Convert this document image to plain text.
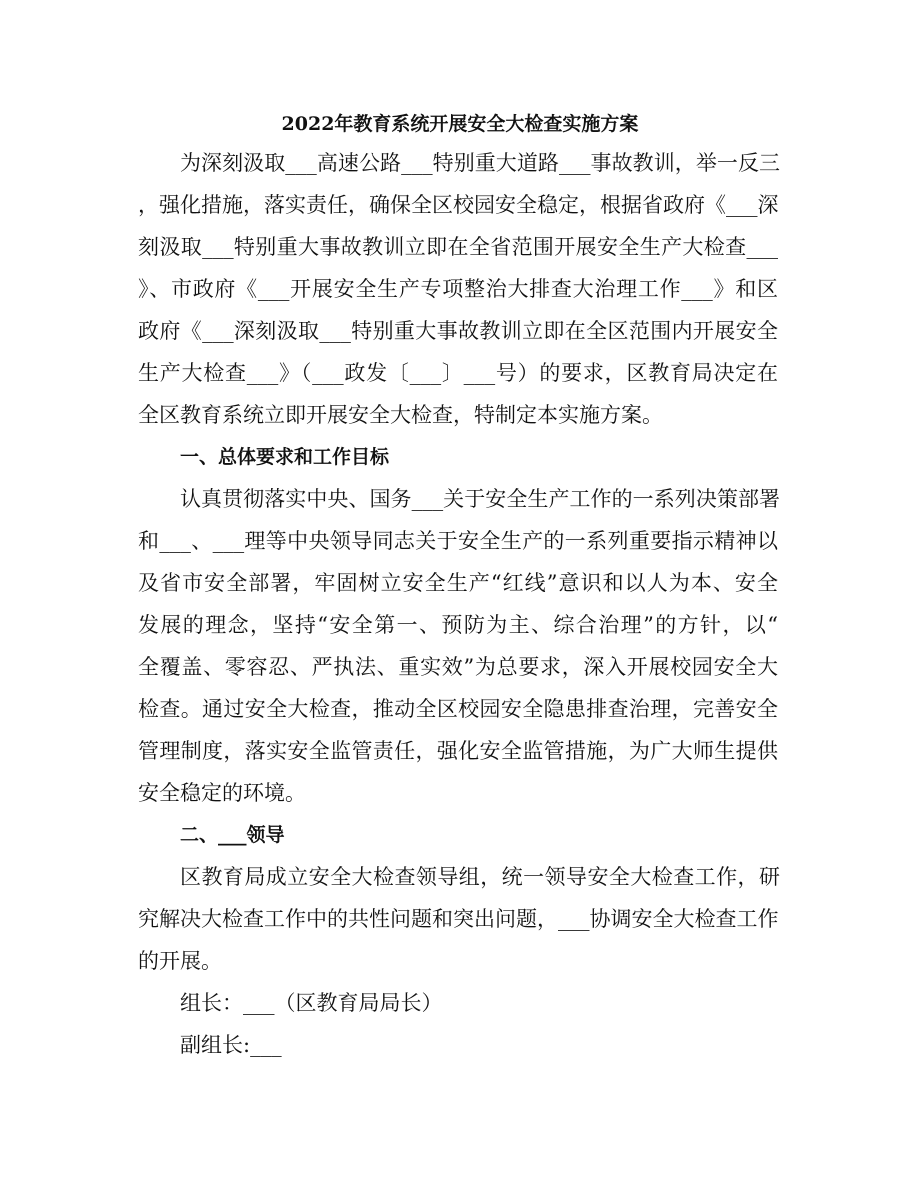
2022年教育系统开展安全大检查实施方案
为深刻汲取___高速公路___特别重大道路___事故教训，举一反三
，强化措施，落实责任，确保全区校园安全稳定，根据省政府《___深
刻汲取___特别重大事故教训立即在全省范围开展安全生产大检查___
》、市政府《___开展安全生产专项整治大排查大治理工作___》和区
政府《___深刻汲取___特别重大事故教训立即在全区范围内开展安全
生产大检查___》（___政发〔___〕___号）的要求，区教育局决定在
全区教育系统立即开展安全大检查，特制定本实施方案。
一、总体要求和工作目标
认真贯彻落实中央、国务___关于安全生产工作的一系列决策部署
和___、___理等中央领导同志关于安全生产的一系列重要指示精神以
及省市安全部署，牢固树立安全生产“红线”意识和以人为本、安全
发展的理念，坚持“安全第一、预防为主、综合治理”的方针，以“
全覆盖、零容忍、严执法、重实效”为总要求，深入开展校园安全大
检查。通过安全大检查，推动全区校园安全隐患排查治理，完善安全
管理制度，落实安全监管责任，强化安全监管措施，为广大师生提供
安全稳定的环境。
二、___领导
区教育局成立安全大检查领导组，统一领导安全大检查工作，研
究解决大检查工作中的共性问题和突出问题，___协调安全大检查工作
的开展。
组长：___（区教育局局长）
副组长:___
